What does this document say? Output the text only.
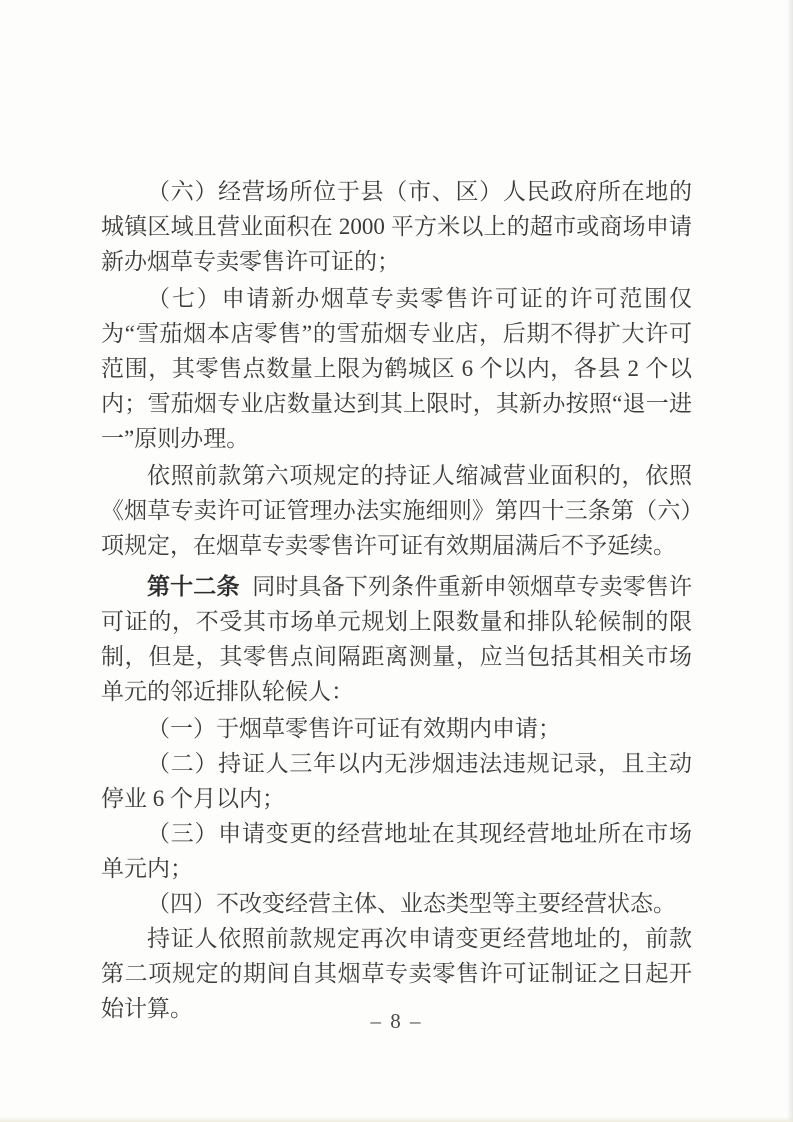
（六）经营场所位于县（市、区）人民政府所在地的城镇区域且营业面积在 2000 平方米以上的超市或商场申请新办烟草专卖零售许可证的；

（七）申请新办烟草专卖零售许可证的许可范围仅为“雪茄烟本店零售”的雪茄烟专业店，后期不得扩大许可范围，其零售点数量上限为鹤城区 6 个以内，各县 2 个以内；雪茄烟专业店数量达到其上限时，其新办按照“退一进一”原则办理。

依照前款第六项规定的持证人缩减营业面积的，依照《烟草专卖许可证管理办法实施细则》第四十三条第（六）项规定，在烟草专卖零售许可证有效期届满后不予延续。

第十二条 同时具备下列条件重新申领烟草专卖零售许可证的，不受其市场单元规划上限数量和排队轮候制的限制，但是，其零售点间隔距离测量，应当包括其相关市场单元的邻近排队轮候人：

（一）于烟草零售许可证有效期内申请；

（二）持证人三年以内无涉烟违法违规记录，且主动停业 6 个月以内；

（三）申请变更的经营地址在其现经营地址所在市场单元内；

（四）不改变经营主体、业态类型等主要经营状态。

持证人依照前款规定再次申请变更经营地址的，前款第二项规定的期间自其烟草专卖零售许可证制证之日起开始计算。	– 8 –
